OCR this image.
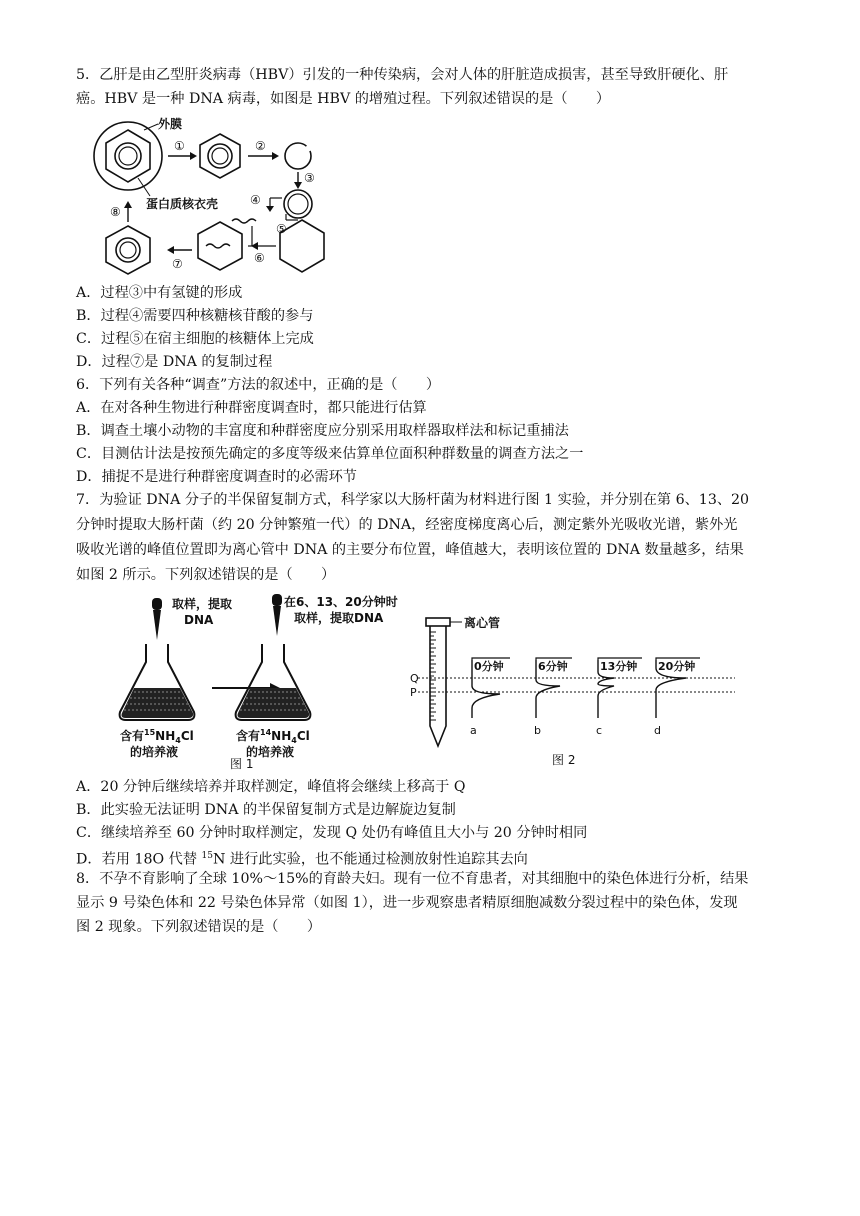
5．乙肝是由乙型肝炎病毒（HBV）引发的一种传染病，会对人体的肝脏造成损害，甚至导致肝硬化、肝
癌。HBV 是一种 DNA 病毒，如图是 HBV 的增殖过程。下列叙述错误的是（　　）
外膜
蛋白质核衣壳
①	②
③
④
⑤
⑥
⑦
⑧
A．过程③中有氢键的形成
B．过程④需要四种核糖核苷酸的参与
C．过程⑤在宿主细胞的核糖体上完成
D．过程⑦是 DNA 的复制过程
6．下列有关各种“调查”方法的叙述中，正确的是（　　）
A．在对各种生物进行种群密度调查时，都只能进行估算
B．调查土壤小动物的丰富度和种群密度应分别采用取样器取样法和标记重捕法
C．目测估计法是按预先确定的多度等级来估算单位面积种群数量的调查方法之一
D．捕捉不是进行种群密度调查时的必需环节
7．为验证 DNA 分子的半保留复制方式，科学家以大肠杆菌为材料进行图 1 实验，并分别在第 6、13、20
分钟时提取大肠杆菌（约 20 分钟繁殖一代）的 DNA，经密度梯度离心后，测定紫外光吸收光谱，紫外光
吸收光谱的峰值位置即为离心管中 DNA 的主要分布位置，峰值越大，表明该位置的 DNA 数量越多，结果
如图 2 所示。下列叙述错误的是（　　）
取样，提取
DNA
含有$^{15}NH_4Cl$
的培养液
在6、13、20分钟时
取样，提取DNA
含有$^{14}NH_4Cl$
的培养液
图 1
离心管
Q
P
0分钟
a
6分钟
b
13分钟
c
20分钟
d
图 2
A．20 分钟后继续培养并取样测定，峰值将会继续上移高于 Q
B．此实验无法证明 DNA 的半保留复制方式是边解旋边复制
C．继续培养至 60 分钟时取样测定，发现 Q 处仍有峰值且大小与 20 分钟时相同
D．若用 18O 代替 $^{15}$N 进行此实验，也不能通过检测放射性追踪其去向
8．不孕不育影响了全球 10%～15%的育龄夫妇。现有一位不育患者，对其细胞中的染色体进行分析，结果
显示 9 号染色体和 22 号染色体异常（如图 1），进一步观察患者精原细胞减数分裂过程中的染色体，发现
图 2 现象。下列叙述错误的是（　　）
